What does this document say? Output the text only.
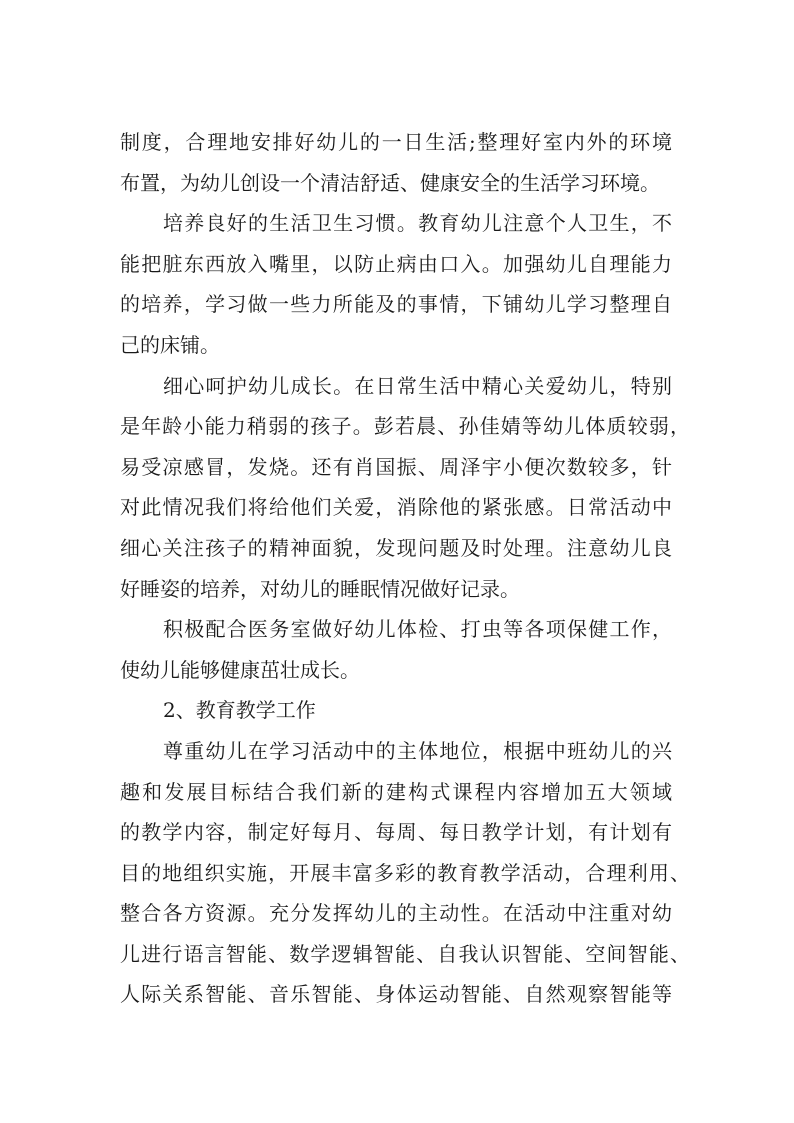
制度，合理地安排好幼儿的一日生活;整理好室内外的环境
布置，为幼儿创设一个清洁舒适、健康安全的生活学习环境。
培养良好的生活卫生习惯。教育幼儿注意个人卫生，不
能把脏东西放入嘴里，以防止病由口入。加强幼儿自理能力
的培养，学习做一些力所能及的事情，下铺幼儿学习整理自
己的床铺。
细心呵护幼儿成长。在日常生活中精心关爱幼儿，特别
是年龄小能力稍弱的孩子。彭若晨、孙佳婧等幼儿体质较弱，
易受凉感冒，发烧。还有肖国振、周泽宇小便次数较多，针
对此情况我们将给他们关爱，消除他的紧张感。日常活动中
细心关注孩子的精神面貌，发现问题及时处理。注意幼儿良
好睡姿的培养，对幼儿的睡眠情况做好记录。
积极配合医务室做好幼儿体检、打虫等各项保健工作，
使幼儿能够健康茁壮成长。
2、教育教学工作
尊重幼儿在学习活动中的主体地位，根据中班幼儿的兴
趣和发展目标结合我们新的建构式课程内容增加五大领域
的教学内容，制定好每月、每周、每日教学计划，有计划有
目的地组织实施，开展丰富多彩的教育教学活动，合理利用、
整合各方资源。充分发挥幼儿的主动性。在活动中注重对幼
儿进行语言智能、数学逻辑智能、自我认识智能、空间智能、
人际关系智能、音乐智能、身体运动智能、自然观察智能等
